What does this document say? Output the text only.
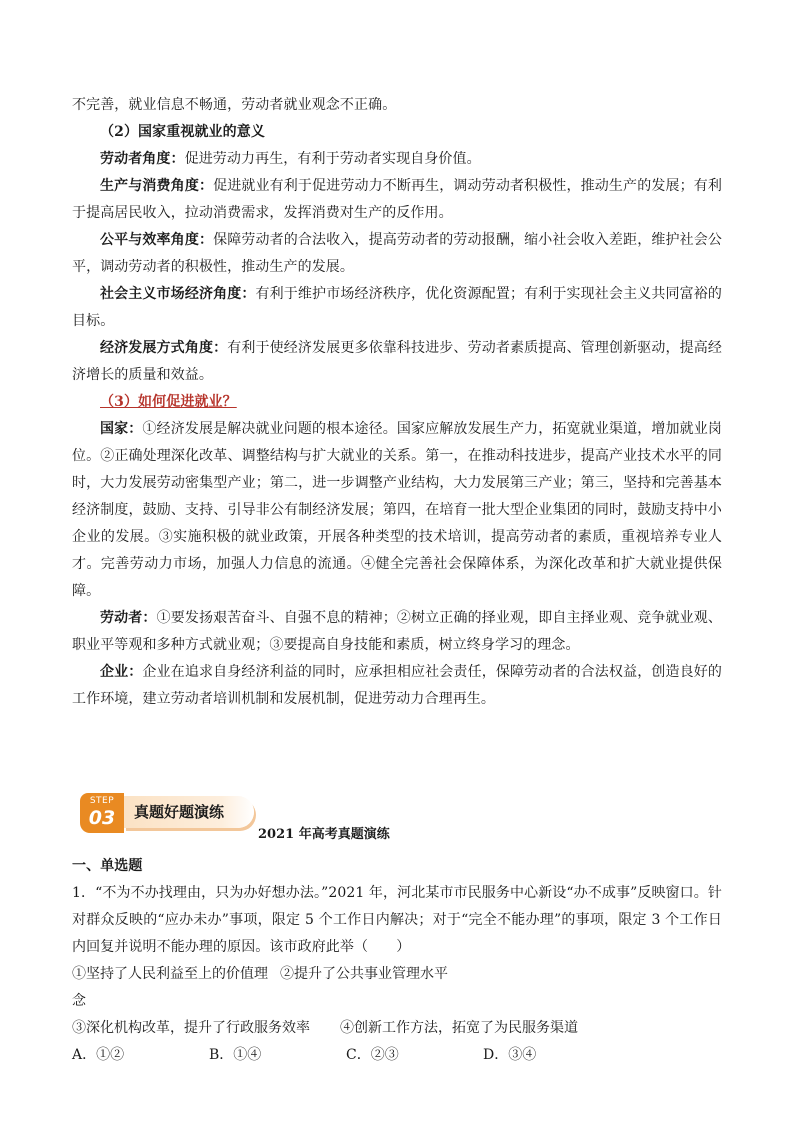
不完善，就业信息不畅通，劳动者就业观念不正确。

（2）国家重视就业的意义

劳动者角度：促进劳动力再生，有利于劳动者实现自身价值。

生产与消费角度：促进就业有利于促进劳动力不断再生，调动劳动者积极性，推动生产的发展；有利于提高居民收入，拉动消费需求，发挥消费对生产的反作用。

公平与效率角度：保障劳动者的合法收入，提高劳动者的劳动报酬，缩小社会收入差距，维护社会公平，调动劳动者的积极性，推动生产的发展。

社会主义市场经济角度：有利于维护市场经济秩序，优化资源配置；有利于实现社会主义共同富裕的目标。

经济发展方式角度：有利于使经济发展更多依靠科技进步、劳动者素质提高、管理创新驱动，提高经济增长的质量和效益。

（3）如何促进就业？

国家：①经济发展是解决就业问题的根本途径。国家应解放发展生产力，拓宽就业渠道，增加就业岗位。②正确处理深化改革、调整结构与扩大就业的关系。第一，在推动科技进步，提高产业技术水平的同时，大力发展劳动密集型产业；第二，进一步调整产业结构，大力发展第三产业；第三，坚持和完善基本经济制度，鼓励、支持、引导非公有制经济发展；第四，在培育一批大型企业集团的同时，鼓励支持中小企业的发展。③实施积极的就业政策，开展各种类型的技术培训，提高劳动者的素质，重视培养专业人才。完善劳动力市场，加强人力信息的流通。④健全完善社会保障体系，为深化改革和扩大就业提供保障。

劳动者：①要发扬艰苦奋斗、自强不息的精神；②树立正确的择业观，即自主择业观、竞争就业观、职业平等观和多种方式就业观；③要提高自身技能和素质，树立终身学习的理念。

企业：企业在追求自身经济利益的同时，应承担相应社会责任，保障劳动者的合法权益，创造良好的工作环境，建立劳动者培训机制和发展机制，促进劳动力合理再生。

STEP
03	真题好题演练
2021 年高考真题演练

一、单选题

1．“不为不办找理由，只为办好想办法。”2021 年，河北某市市民服务中心新设“办不成事”反映窗口。针对群众反映的“应办未办”事项，限定 5 个工作日内解决；对于“完全不能办理”的事项，限定 3 个工作日内回复并说明不能办理的原因。该市政府此举（　　）

①坚持了人民利益至上的价值理念
②提升了公共事业管理水平
③深化机构改革，提升了行政服务效率	④创新工作方法，拓宽了为民服务渠道
A．①②	B．①④	C．②③	D．③④
